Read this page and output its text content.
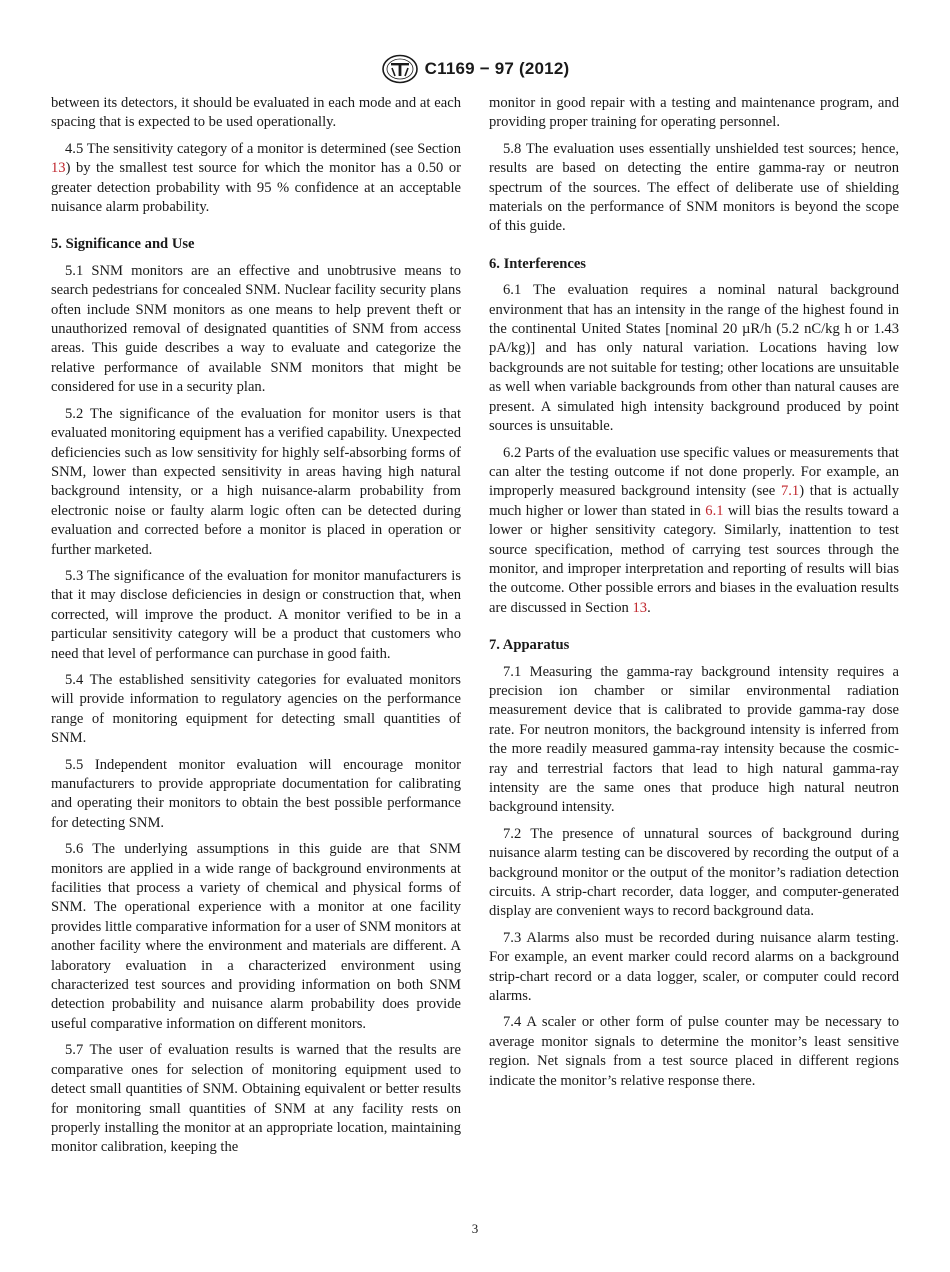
C1169 − 97 (2012)

between its detectors, it should be evaluated in each mode and at each spacing that is expected to be used operationally.

4.5 The sensitivity category of a monitor is determined (see Section 13) by the smallest test source for which the monitor has a 0.50 or greater detection probability with 95 % confidence at an acceptable nuisance alarm probability.

5. Significance and Use

5.1 SNM monitors are an effective and unobtrusive means to search pedestrians for concealed SNM. Nuclear facility security plans often include SNM monitors as one means to help prevent theft or unauthorized removal of designated quantities of SNM from access areas. This guide describes a way to evaluate and categorize the relative performance of available SNM monitors that might be considered for use in a security plan.

5.2 The significance of the evaluation for monitor users is that evaluated monitoring equipment has a verified capability. Unexpected deficiencies such as low sensitivity for highly self-absorbing forms of SNM, lower than expected sensitivity in areas having high natural background intensity, or a high nuisance-alarm probability from electronic noise or faulty alarm logic often can be detected during evaluation and corrected before a monitor is placed in operation or further marketed.

5.3 The significance of the evaluation for monitor manufacturers is that it may disclose deficiencies in design or construction that, when corrected, will improve the product. A monitor verified to be in a particular sensitivity category will be a product that customers who need that level of performance can purchase in good faith.

5.4 The established sensitivity categories for evaluated monitors will provide information to regulatory agencies on the performance range of monitoring equipment for detecting small quantities of SNM.

5.5 Independent monitor evaluation will encourage monitor manufacturers to provide appropriate documentation for calibrating and operating their monitors to obtain the best possible performance for detecting SNM.

5.6 The underlying assumptions in this guide are that SNM monitors are applied in a wide range of background environments at facilities that process a variety of chemical and physical forms of SNM. The operational experience with a monitor at one facility provides little comparative information for a user of SNM monitors at another facility where the environment and materials are different. A laboratory evaluation in a characterized environment using characterized test sources and providing information on both SNM detection probability and nuisance alarm probability does provide useful comparative information on different monitors.

5.7 The user of evaluation results is warned that the results are comparative ones for selection of monitoring equipment used to detect small quantities of SNM. Obtaining equivalent or better results for monitoring small quantities of SNM at any facility rests on properly installing the monitor at an appropriate location, maintaining monitor calibration, keeping the

monitor in good repair with a testing and maintenance program, and providing proper training for operating personnel.

5.8 The evaluation uses essentially unshielded test sources; hence, results are based on detecting the entire gamma-ray or neutron spectrum of the sources. The effect of deliberate use of shielding materials on the performance of SNM monitors is beyond the scope of this guide.

6. Interferences

6.1 The evaluation requires a nominal natural background environment that has an intensity in the range of the highest found in the continental United States [nominal 20 µR/h (5.2 nC/kg h or 1.43 pA/kg)] and has only natural variation. Locations having low backgrounds are not suitable for testing; other locations are unsuitable as well when variable backgrounds from other than natural causes are present. A simulated high intensity background produced by point sources is unsuitable.

6.2 Parts of the evaluation use specific values or measurements that can alter the testing outcome if not done properly. For example, an improperly measured background intensity (see 7.1) that is actually much higher or lower than stated in 6.1 will bias the results toward a lower or higher sensitivity category. Similarly, inattention to test source specification, method of carrying test sources through the monitor, and improper interpretation and reporting of results will bias the outcome. Other possible errors and biases in the evaluation results are discussed in Section 13.

7. Apparatus

7.1 Measuring the gamma-ray background intensity requires a precision ion chamber or similar environmental radiation measurement device that is calibrated to provide gamma-ray dose rate. For neutron monitors, the background intensity is inferred from the more readily measured gamma-ray intensity because the cosmic-ray and terrestrial factors that lead to high natural gamma-ray intensity are the same ones that produce high natural neutron background intensity.

7.2 The presence of unnatural sources of background during nuisance alarm testing can be discovered by recording the output of a background monitor or the output of the monitor’s radiation detection circuits. A strip-chart recorder, data logger, and computer-generated display are convenient ways to record background data.

7.3 Alarms also must be recorded during nuisance alarm testing. For example, an event marker could record alarms on a background strip-chart record or a data logger, scaler, or computer could record alarms.

7.4 A scaler or other form of pulse counter may be necessary to average monitor signals to determine the monitor’s least sensitive region. Net signals from a test source placed in different regions indicate the monitor’s relative response there.

3
